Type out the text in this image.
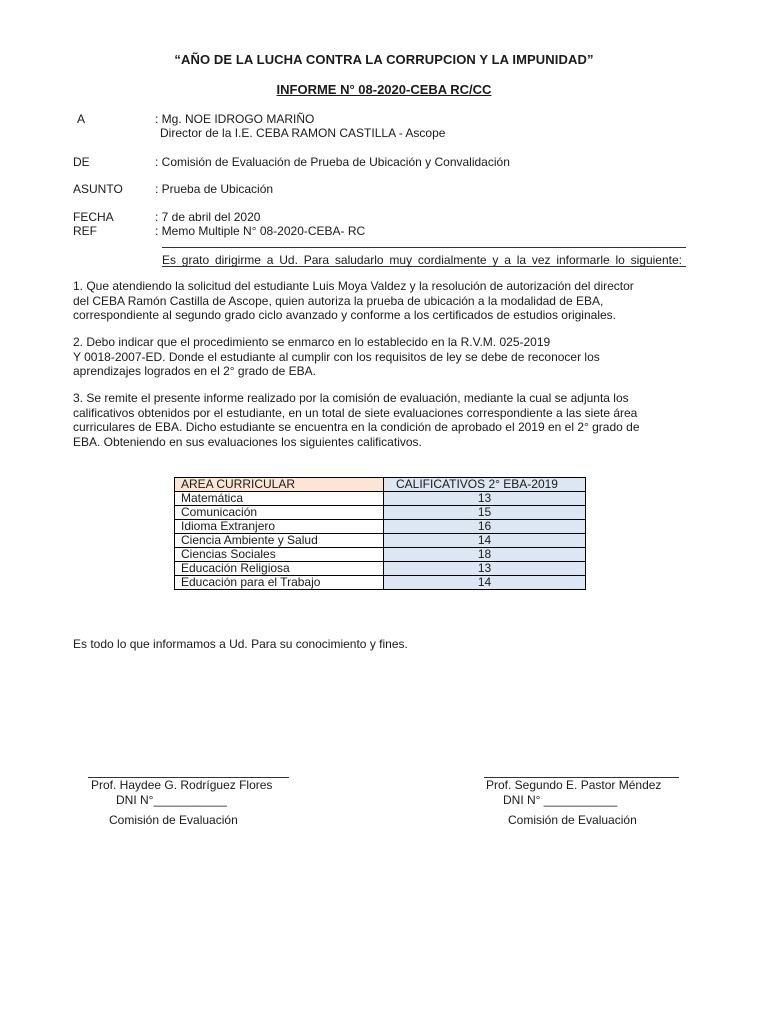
“AÑO DE LA LUCHA CONTRA LA CORRUPCION Y LA IMPUNIDAD”
INFORME N° 08-2020-CEBA RC/CC
A	: Mg. NOE IDROGO MARIÑO
Director de la I.E. CEBA RAMON CASTILLA - Ascope
DE	: Comisión de Evaluación de Prueba de Ubicación y Convalidación
ASUNTO	: Prueba de Ubicación
FECHA	: 7 de abril del 2020
REF	: Memo Multiple N° 08-2020-CEBA- RC
Es grato dirigirme a Ud. Para saludarlo muy cordialmente y a la vez informarle lo siguiente:

1. Que atendiendo la solicitud del estudiante Luis Moya Valdez y la resolución de autorización del director

del CEBA Ramón Castilla de Ascope, quien autoriza la prueba de ubicación a la modalidad de EBA,

correspondiente al segundo grado ciclo avanzado y conforme a los certificados de estudios originales.

2. Debo indicar que el procedimiento se enmarco en lo establecido en la R.V.M. 025-2019

Y 0018-2007-ED. Donde el estudiante al cumplir con los requisitos de ley se debe de reconocer los

aprendizajes logrados en el 2° grado de EBA.

3. Se remite el presente informe realizado por la comisión de evaluación, mediante la cual se adjunta los

calificativos obtenidos por el estudiante, en un total de siete evaluaciones correspondiente a las siete área

curriculares de EBA. Dicho estudiante se encuentra en la condición de aprobado el 2019 en el 2° grado de

EBA. Obteniendo en sus evaluaciones los siguientes calificativos.

AREA CURRICULAR	CALIFICATIVOS 2° EBA-2019
Matemática	13
Comunicación	15
Idioma Extranjero	16
Ciencia Ambiente y Salud	14
Ciencias Sociales	18
Educación Religiosa	13
Educación para el Trabajo	14
Es todo lo que informamos a Ud. Para su conocimiento y fines.
Prof. Haydee G. Rodríguez Flores
DNI N°___________
Comisión de Evaluación
Prof. Segundo E. Pastor Méndez
DNI N° ___________
Comisión de Evaluación
